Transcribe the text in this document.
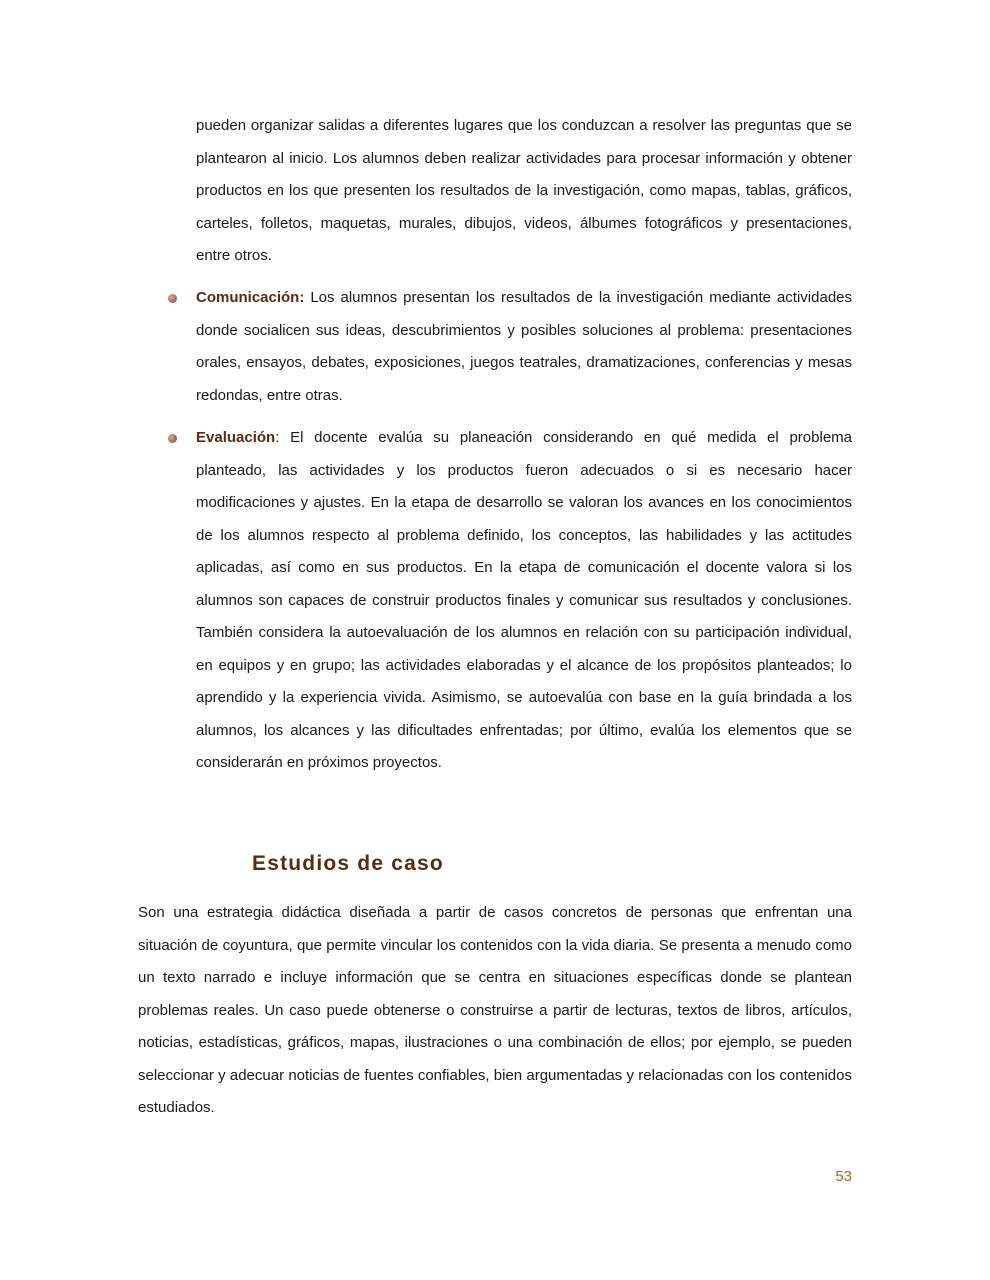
pueden organizar salidas a diferentes lugares que los conduzcan a resolver las preguntas que se plantearon al inicio. Los alumnos deben realizar actividades para procesar información y obtener productos en los que presenten los resultados de la investigación, como mapas, tablas, gráficos, carteles, folletos, maquetas, murales, dibujos, videos, álbumes fotográficos y presentaciones, entre otros.

Comunicación: Los alumnos presentan los resultados de la investigación mediante actividades donde socialicen sus ideas, descubrimientos y posibles soluciones al problema: presentaciones orales, ensayos, debates, exposiciones, juegos teatrales, dramatizaciones, conferencias y mesas redondas, entre otras.

Evaluación: El docente evalúa su planeación considerando en qué medida el problema planteado, las actividades y los productos fueron adecuados o si es necesario hacer modificaciones y ajustes. En la etapa de desarrollo se valoran los avances en los conocimientos de los alumnos respecto al problema definido, los conceptos, las habilidades y las actitudes aplicadas, así como en sus productos. En la etapa de comunicación el docente valora si los alumnos son capaces de construir productos finales y comunicar sus resultados y conclusiones. También considera la autoevaluación de los alumnos en relación con su participación individual, en equipos y en grupo; las actividades elaboradas y el alcance de los propósitos planteados; lo aprendido y la experiencia vivida. Asimismo, se autoevalúa con base en la guía brindada a los alumnos, los alcances y las dificultades enfrentadas; por último, evalúa los elementos que se considerarán en próximos proyectos.

Estudios de caso

Son una estrategia didáctica diseñada a partir de casos concretos de personas que enfrentan una situación de coyuntura, que permite vincular los contenidos con la vida diaria. Se presenta a menudo como un texto narrado e incluye información que se centra en situaciones específicas donde se plantean problemas reales. Un caso puede obtenerse o construirse a partir de lecturas, textos de libros, artículos, noticias, estadísticas, gráficos, mapas, ilustraciones o una combinación de ellos; por ejemplo, se pueden seleccionar y adecuar noticias de fuentes confiables, bien argumentadas y relacionadas con los contenidos estudiados.

53
